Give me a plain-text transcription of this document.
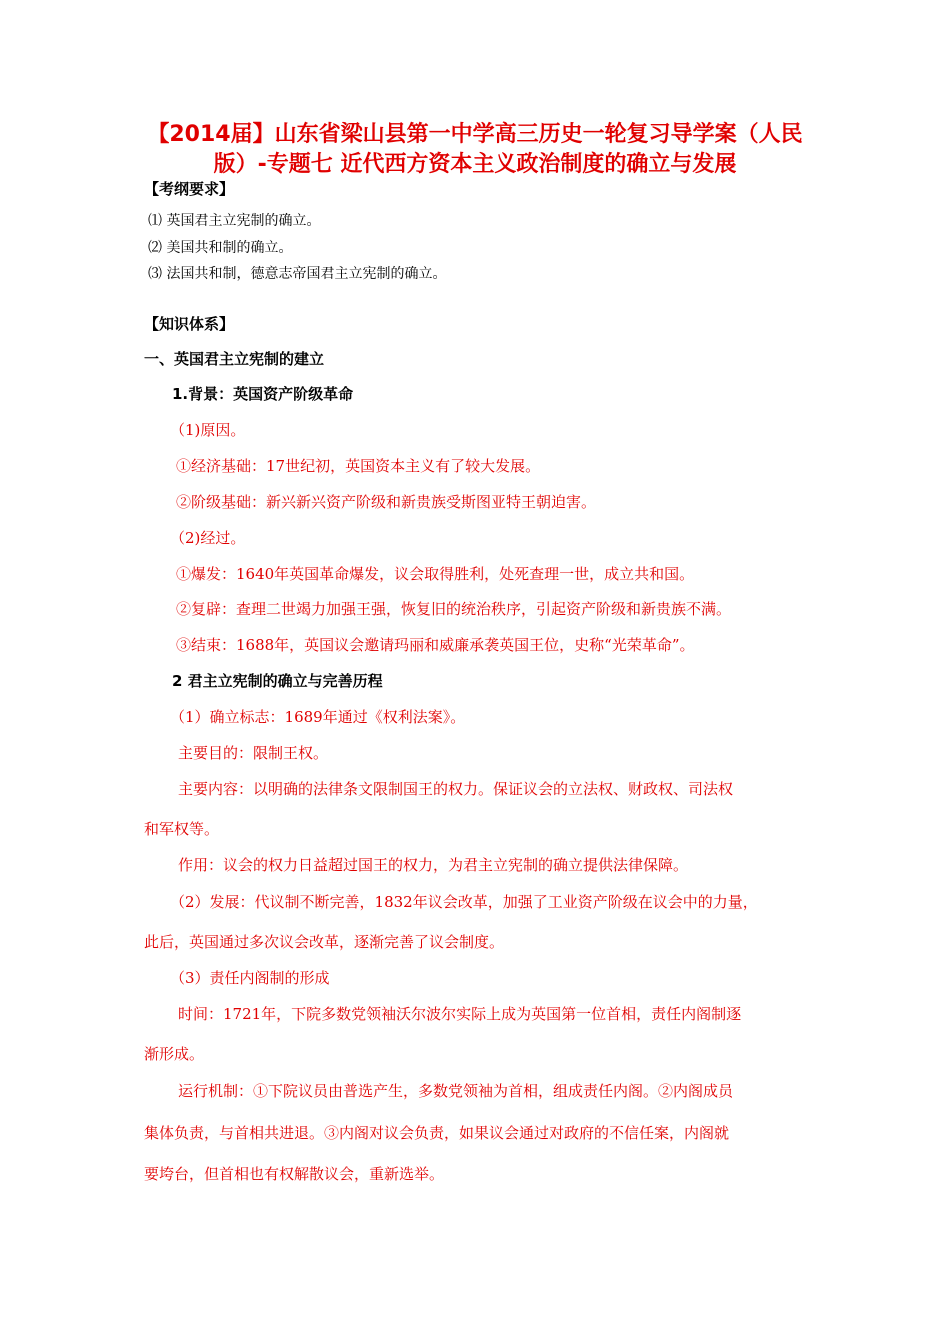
【2014届】山东省梁山县第一中学高三历史一轮复习导学案（人民
版）-专题七 近代西方资本主义政治制度的确立与发展
【考纲要求】
⑴ 英国君主立宪制的确立。
⑵ 美国共和制的确立。
⑶ 法国共和制，德意志帝国君主立宪制的确立。
【知识体系】
一、英国君主立宪制的建立
1.背景：英国资产阶级革命
（1)原因。
①经济基础：17世纪初，英国资本主义有了较大发展。
②阶级基础：新兴新兴资产阶级和新贵族受斯图亚特王朝迫害。
（2)经过。
①爆发：1640年英国革命爆发，议会取得胜利，处死查理一世，成立共和国。
②复辟：查理二世竭力加强王强，恢复旧的统治秩序，引起资产阶级和新贵族不满。
③结束：1688年，英国议会邀请玛丽和威廉承袭英国王位，史称“光荣革命”。
2 君主立宪制的确立与完善历程
（1）确立标志：1689年通过《权利法案》。
主要目的：限制王权。
主要内容：以明确的法律条文限制国王的权力。保证议会的立法权、财政权、司法权
和军权等。
作用：议会的权力日益超过国王的权力，为君主立宪制的确立提供法律保障。
（2）发展：代议制不断完善，1832年议会改革，加强了工业资产阶级在议会中的力量，
此后，英国通过多次议会改革，逐渐完善了议会制度。
（3）责任内阁制的形成
时间：1721年，下院多数党领袖沃尔波尔实际上成为英国第一位首相，责任内阁制逐
渐形成。
运行机制：①下院议员由普选产生，多数党领袖为首相，组成责任内阁。②内阁成员
集体负责，与首相共进退。③内阁对议会负责，如果议会通过对政府的不信任案，内阁就
要垮台，但首相也有权解散议会，重新选举。
